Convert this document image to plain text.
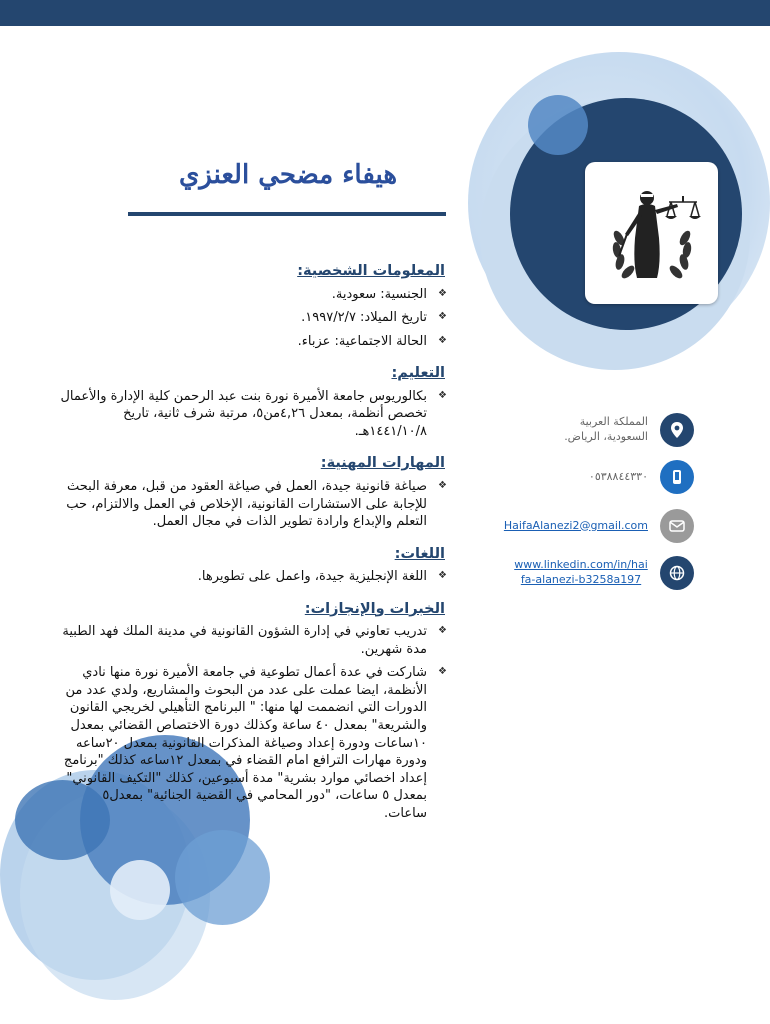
هيفاء مضحي العنزي
المعلومات الشخصية:
❖ الجنسية: سعودية.
❖ تاريخ الميلاد: ١٩٩٧/٢/٧.
❖ الحالة الاجتماعية: عزباء.
التعليم:
❖ بكالوريوس جامعة الأميرة نورة بنت عبد الرحمن كلية الإدارة والأعمال تخصص أنظمة، بمعدل ٤,٢٦من٥، مرتبة شرف ثانية، تاريخ ١٤٤١/١٠/٨هـ.
المهارات المهنية:
❖ صياغة قانونية جيدة، العمل في صياغة العقود من قبل، معرفة البحث للإجابة على الاستشارات القانونية، الإخلاص في العمل والالتزام، حب التعلم والإبداع وارادة تطوير الذات في مجال العمل.
اللغات:
❖ اللغة الإنجليزية جيدة، واعمل على تطويرها.
الخبرات والإنجازات:
❖ تدريب تعاوني في إدارة الشؤون القانونية في مدينة الملك فهد الطبية مدة شهرين.
❖ شاركت في عدة أعمال تطوعية في جامعة الأميرة نورة منها نادي الأنظمة، ايضا عملت على عدد من البحوث والمشاريع، ولدي عدد من الدورات التي انضممت لها منها: " البرنامج التأهيلي لخريجي القانون والشريعة" بمعدل ٤٠ ساعة وكذلك دورة الاختصاص القضائي بمعدل ١٠ساعات ودورة إعداد وصياغة المذكرات القانونية بمعدل ٢٠ساعه ودورة مهارات الترافع امام القضاء في بمعدل ١٢ساعه كذلك "برنامج إعداد اخصائي موارد بشرية" مدة أسبوعين، كذلك "التكيف القانوني" بمعدل ٥ ساعات، "دور المحامي في القضية الجنائية" بمعدل٥ ساعات.
المملكة العربية السعودية، الرياض.
٠٥٣٨٨٤٤٣٣٠
HaifaAlanezi2@gmail.com
www.linkedin.com/in/haifa-alanezi-b3258a197
